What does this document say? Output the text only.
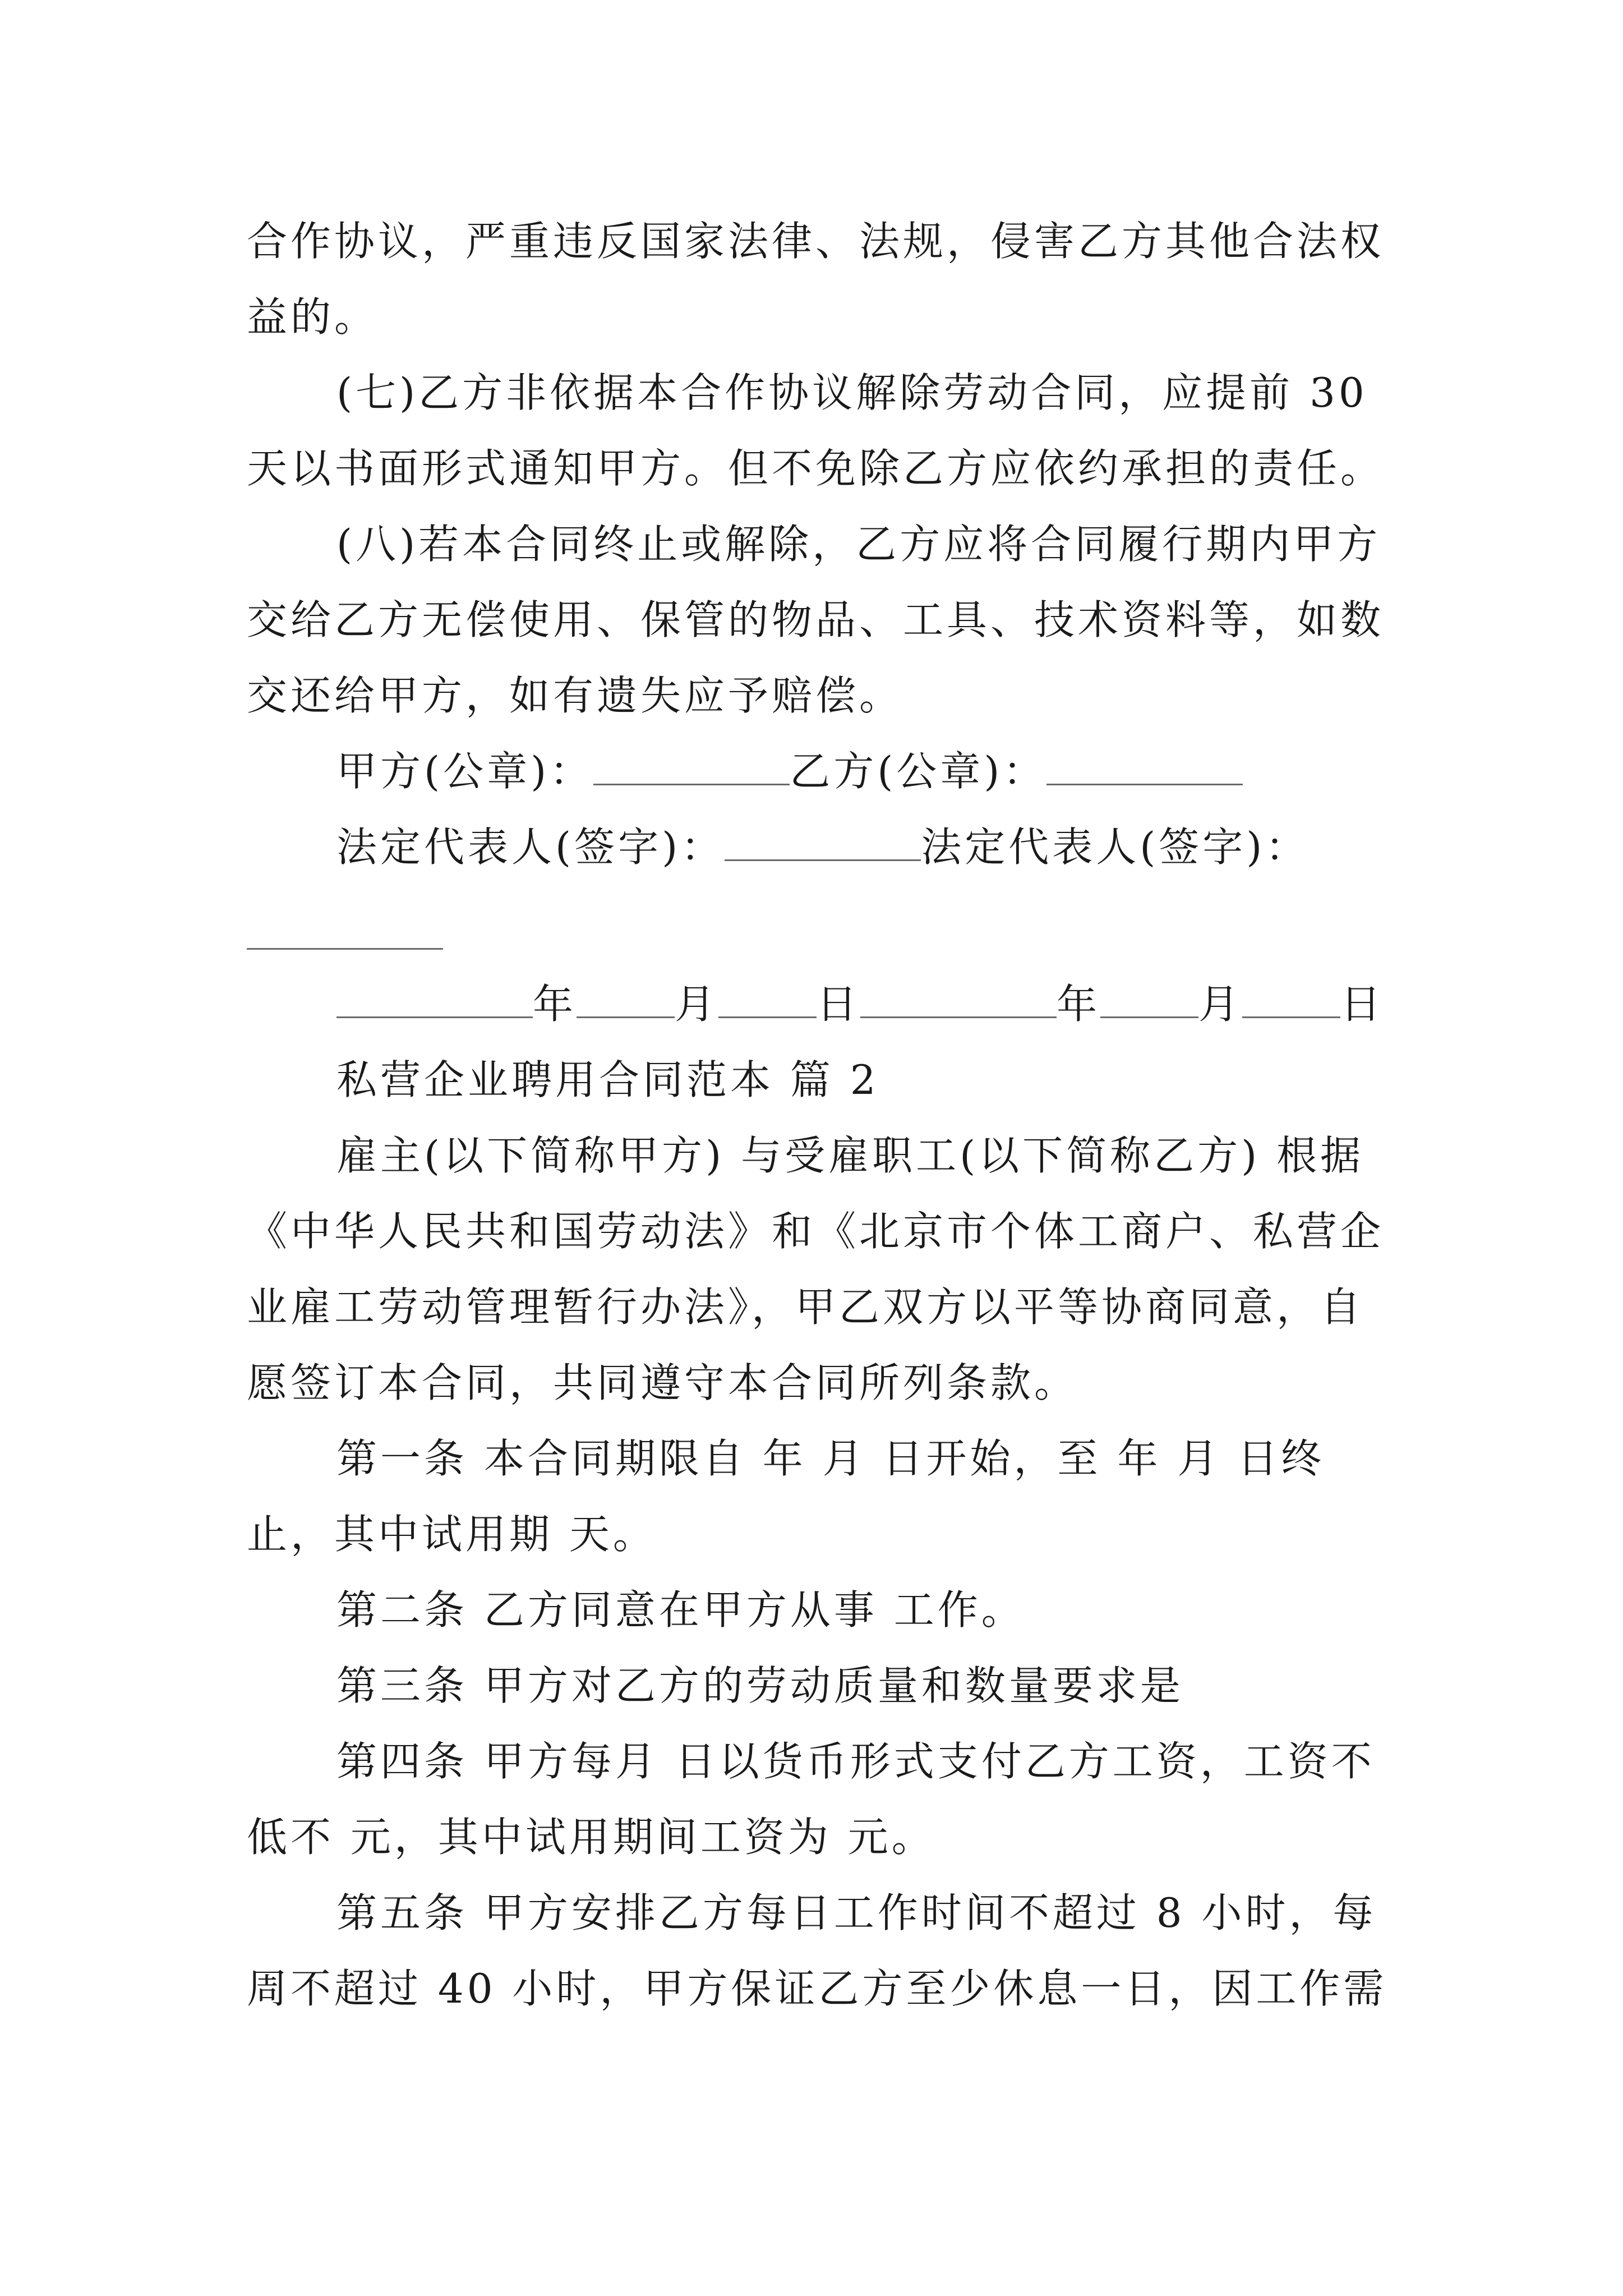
合作协议，严重违反国家法律、法规，侵害乙方其他合法权
益的。
(七)乙方非依据本合作协议解除劳动合同，应提前 30
天以书面形式通知甲方。但不免除乙方应依约承担的责任。
(八)若本合同终止或解除，乙方应将合同履行期内甲方
交给乙方无偿使用、保管的物品、工具、技术资料等，如数
交还给甲方，如有遗失应予赔偿。
甲方(公章)：	乙方(公章)：
法定代表人(签字)：	法定代表人(签字)：
年 月 日	年 月 日
私营企业聘用合同范本 篇 2
雇主(以下简称甲方) 与受雇职工(以下简称乙方) 根据
《中华人民共和国劳动法》和《北京市个体工商户、私营企
业雇工劳动管理暂行办法》，甲乙双方以平等协商同意，自
愿签订本合同，共同遵守本合同所列条款。
第一条 本合同期限自 年 月 日开始，至 年 月 日终
止，其中试用期 天。
第二条 乙方同意在甲方从事 工作。
第三条 甲方对乙方的劳动质量和数量要求是
第四条 甲方每月 日以货币形式支付乙方工资，工资不
低不 元，其中试用期间工资为 元。
第五条 甲方安排乙方每日工作时间不超过 8 小时，每
周不超过 40 小时，甲方保证乙方至少休息一日，因工作需
